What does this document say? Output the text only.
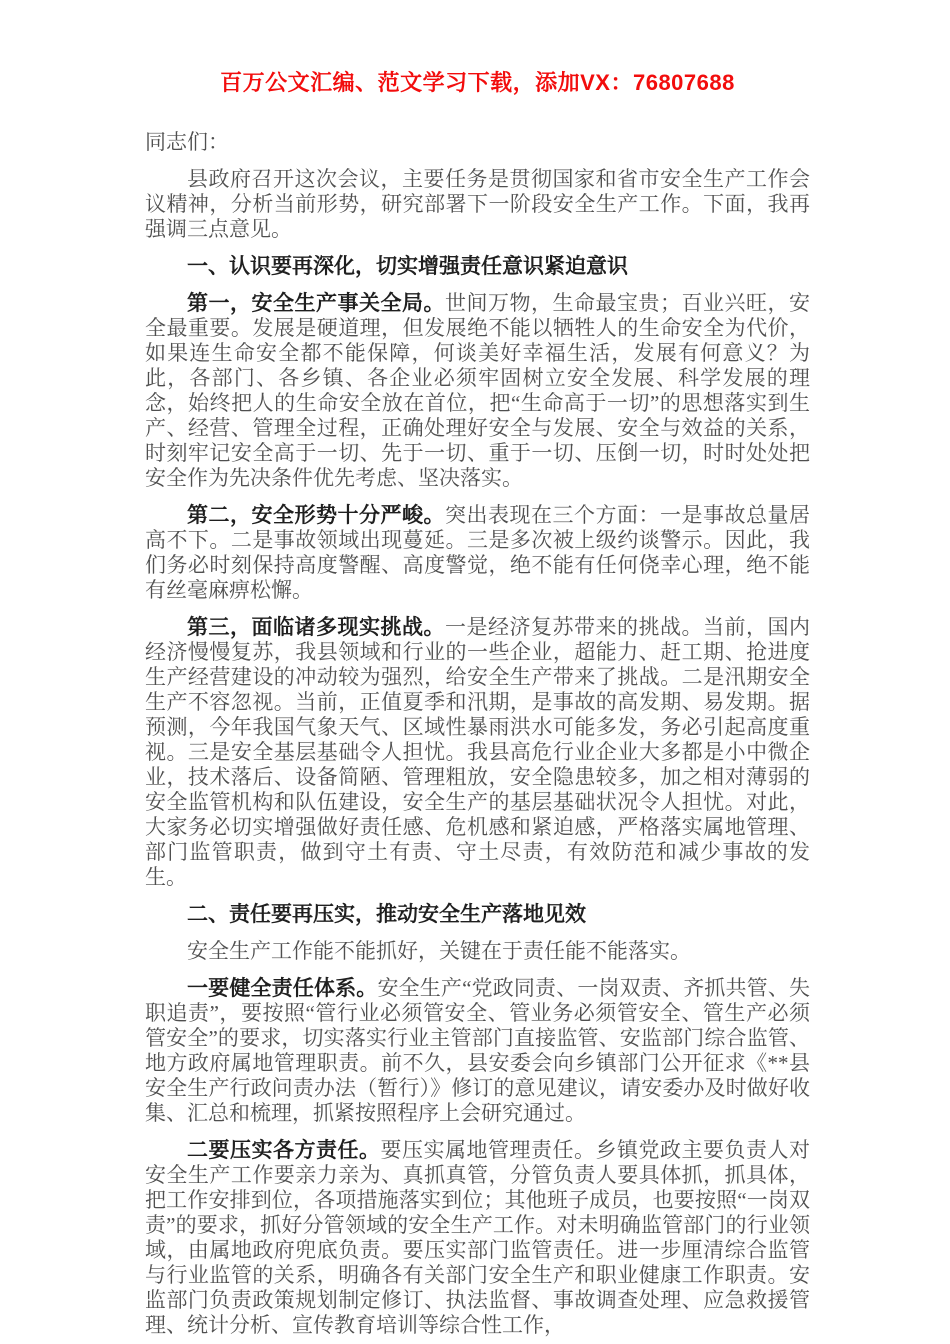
百万公文汇编、范文学习下载，添加VX：76807688

同志们：

县政府召开这次会议，主要任务是贯彻国家和省市安全生产工作会议精神，分析当前形势，研究部署下一阶段安全生产工作。下面，我再强调三点意见。

一、认识要再深化，切实增强责任意识紧迫意识

第一，安全生产事关全局。世间万物，生命最宝贵；百业兴旺，安全最重要。发展是硬道理，但发展绝不能以牺牲人的生命安全为代价，如果连生命安全都不能保障，何谈美好幸福生活，发展有何意义？为此，各部门、各乡镇、各企业必须牢固树立安全发展、科学发展的理念，始终把人的生命安全放在首位，把“生命高于一切”的思想落实到生产、经营、管理全过程，正确处理好安全与发展、安全与效益的关系，时刻牢记安全高于一切、先于一切、重于一切、压倒一切，时时处处把安全作为先决条件优先考虑、坚决落实。

第二，安全形势十分严峻。突出表现在三个方面：一是事故总量居高不下。二是事故领域出现蔓延。三是多次被上级约谈警示。因此，我们务必时刻保持高度警醒、高度警觉，绝不能有任何侥幸心理，绝不能有丝毫麻痹松懈。

第三，面临诸多现实挑战。一是经济复苏带来的挑战。当前，国内经济慢慢复苏，我县领域和行业的一些企业，超能力、赶工期、抢进度生产经营建设的冲动较为强烈，给安全生产带来了挑战。二是汛期安全生产不容忽视。当前，正值夏季和汛期，是事故的高发期、易发期。据预测，今年我国气象天气、区域性暴雨洪水可能多发，务必引起高度重视。三是安全基层基础令人担忧。我县高危行业企业大多都是小中微企业，技术落后、设备简陋、管理粗放，安全隐患较多，加之相对薄弱的安全监管机构和队伍建设，安全生产的基层基础状况令人担忧。对此，大家务必切实增强做好责任感、危机感和紧迫感，严格落实属地管理、部门监管职责，做到守土有责、守土尽责，有效防范和减少事故的发生。

二、责任要再压实，推动安全生产落地见效

安全生产工作能不能抓好，关键在于责任能不能落实。

一要健全责任体系。安全生产“党政同责、一岗双责、齐抓共管、失职追责”，要按照“管行业必须管安全、管业务必须管安全、管生产必须管安全”的要求，切实落实行业主管部门直接监管、安监部门综合监管、地方政府属地管理职责。前不久，县安委会向乡镇部门公开征求《**县安全生产行政问责办法（暂行）》修订的意见建议，请安委办及时做好收集、汇总和梳理，抓紧按照程序上会研究通过。

二要压实各方责任。要压实属地管理责任。乡镇党政主要负责人对安全生产工作要亲力亲为、真抓真管，分管负责人要具体抓，抓具体，把工作安排到位，各项措施落实到位；其他班子成员，也要按照“一岗双责”的要求，抓好分管领域的安全生产工作。对未明确监管部门的行业领域，由属地政府兜底负责。要压实部门监管责任。进一步厘清综合监管与行业监管的关系，明确各有关部门安全生产和职业健康工作职责。安监部门负责政策规划制定修订、执法监督、事故调查处理、应急救援管理、统计分析、宣传教育培训等综合性工作，
